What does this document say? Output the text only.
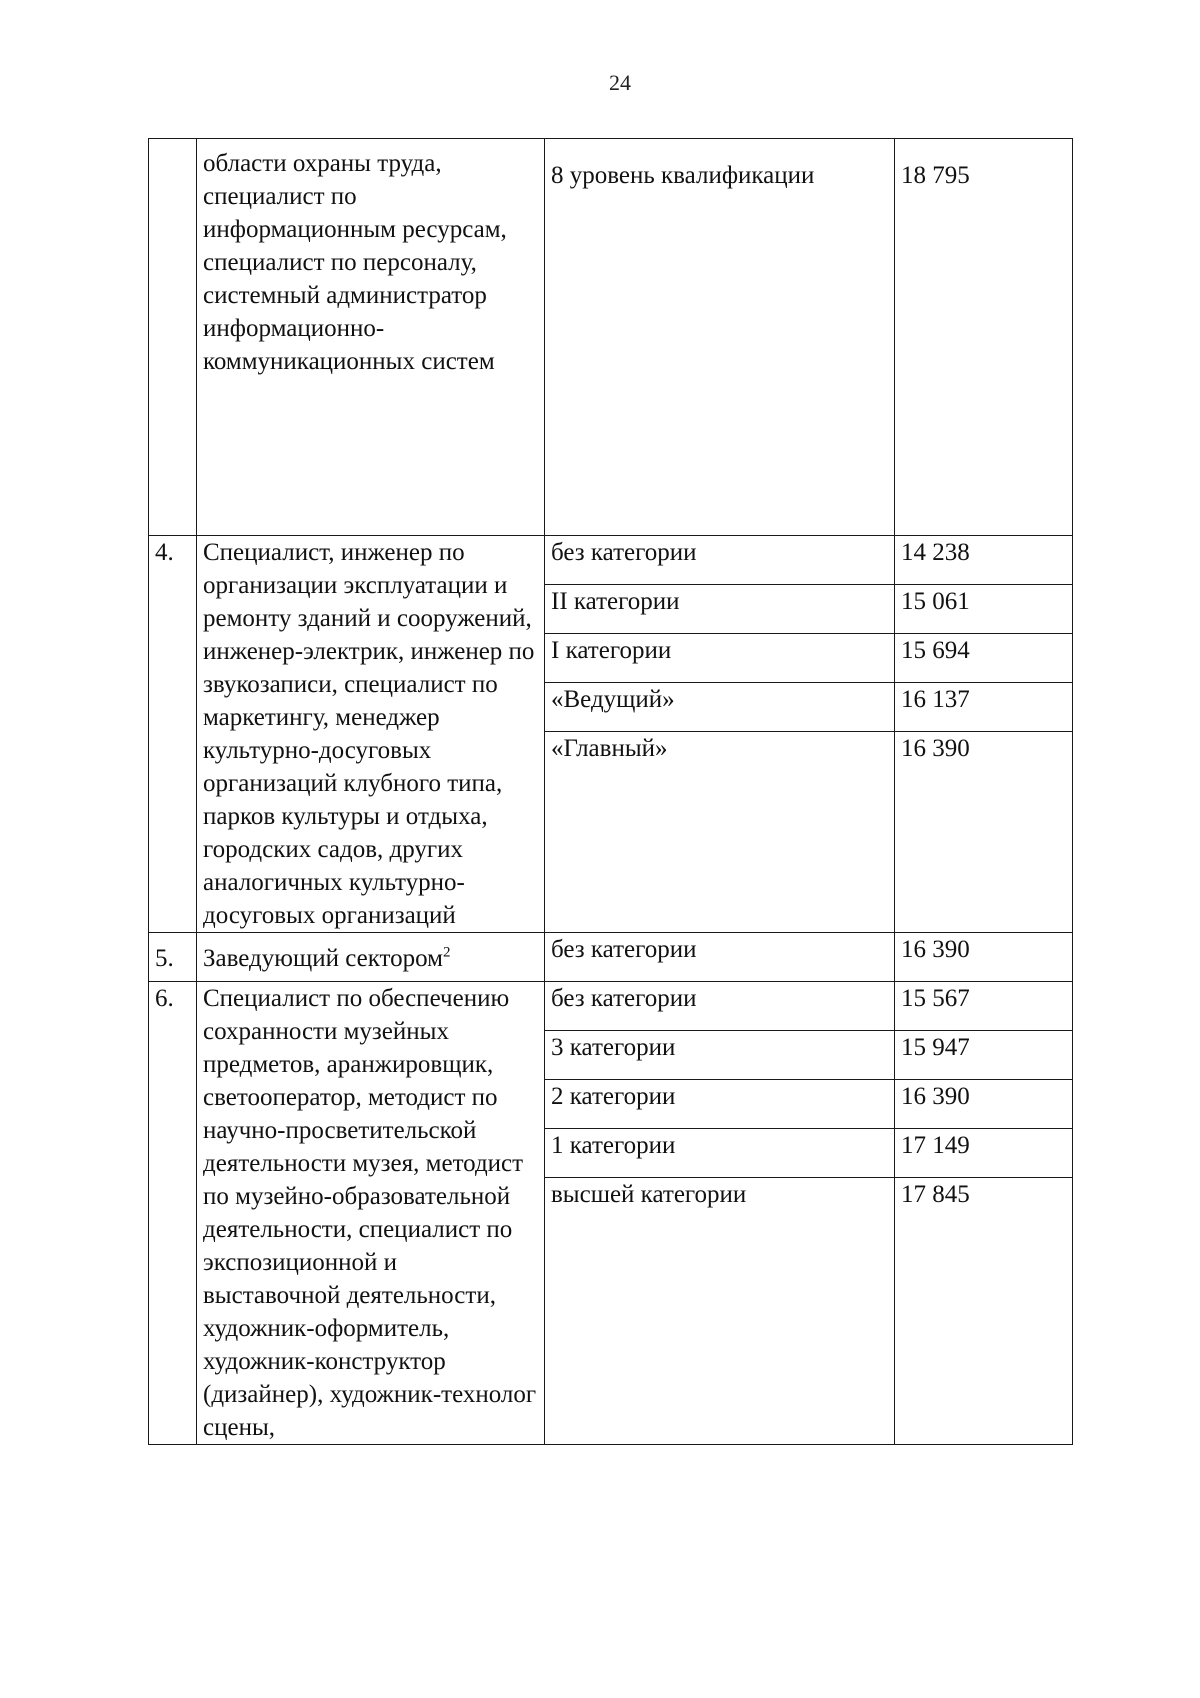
24
	области охраны труда, специалист по информационным ресурсам, специалист по персоналу, системный администратор информационно-коммуникационных систем	8 уровень квалификации	18 795
4.	Специалист, инженер по организации эксплуатации и ремонту зданий и сооружений, инженер-электрик, инженер по звукозаписи, специалист по маркетингу, менеджер культурно-досуговых организаций клубного типа, парков культуры и отдыха, городских садов, других аналогичных культурно-досуговых организаций	без категории	14 238
		II категории	15 061
		I категории	15 694
		«Ведущий»	16 137
		«Главный»	16 390
5.	Заведующий сектором$^2$	без категории	16 390
6.	Специалист по обеспечению сохранности музейных предметов, аранжировщик, светооператор, методист по научно-просветительской деятельности музея, методист по музейно-образовательной деятельности, специалист по экспозиционной и выставочной деятельности, художник-оформитель, художник-конструктор (дизайнер), художник-технолог сцены,	без категории	15 567
		3 категории	15 947
		2 категории	16 390
		1 категории	17 149
		высшей категории	17 845
